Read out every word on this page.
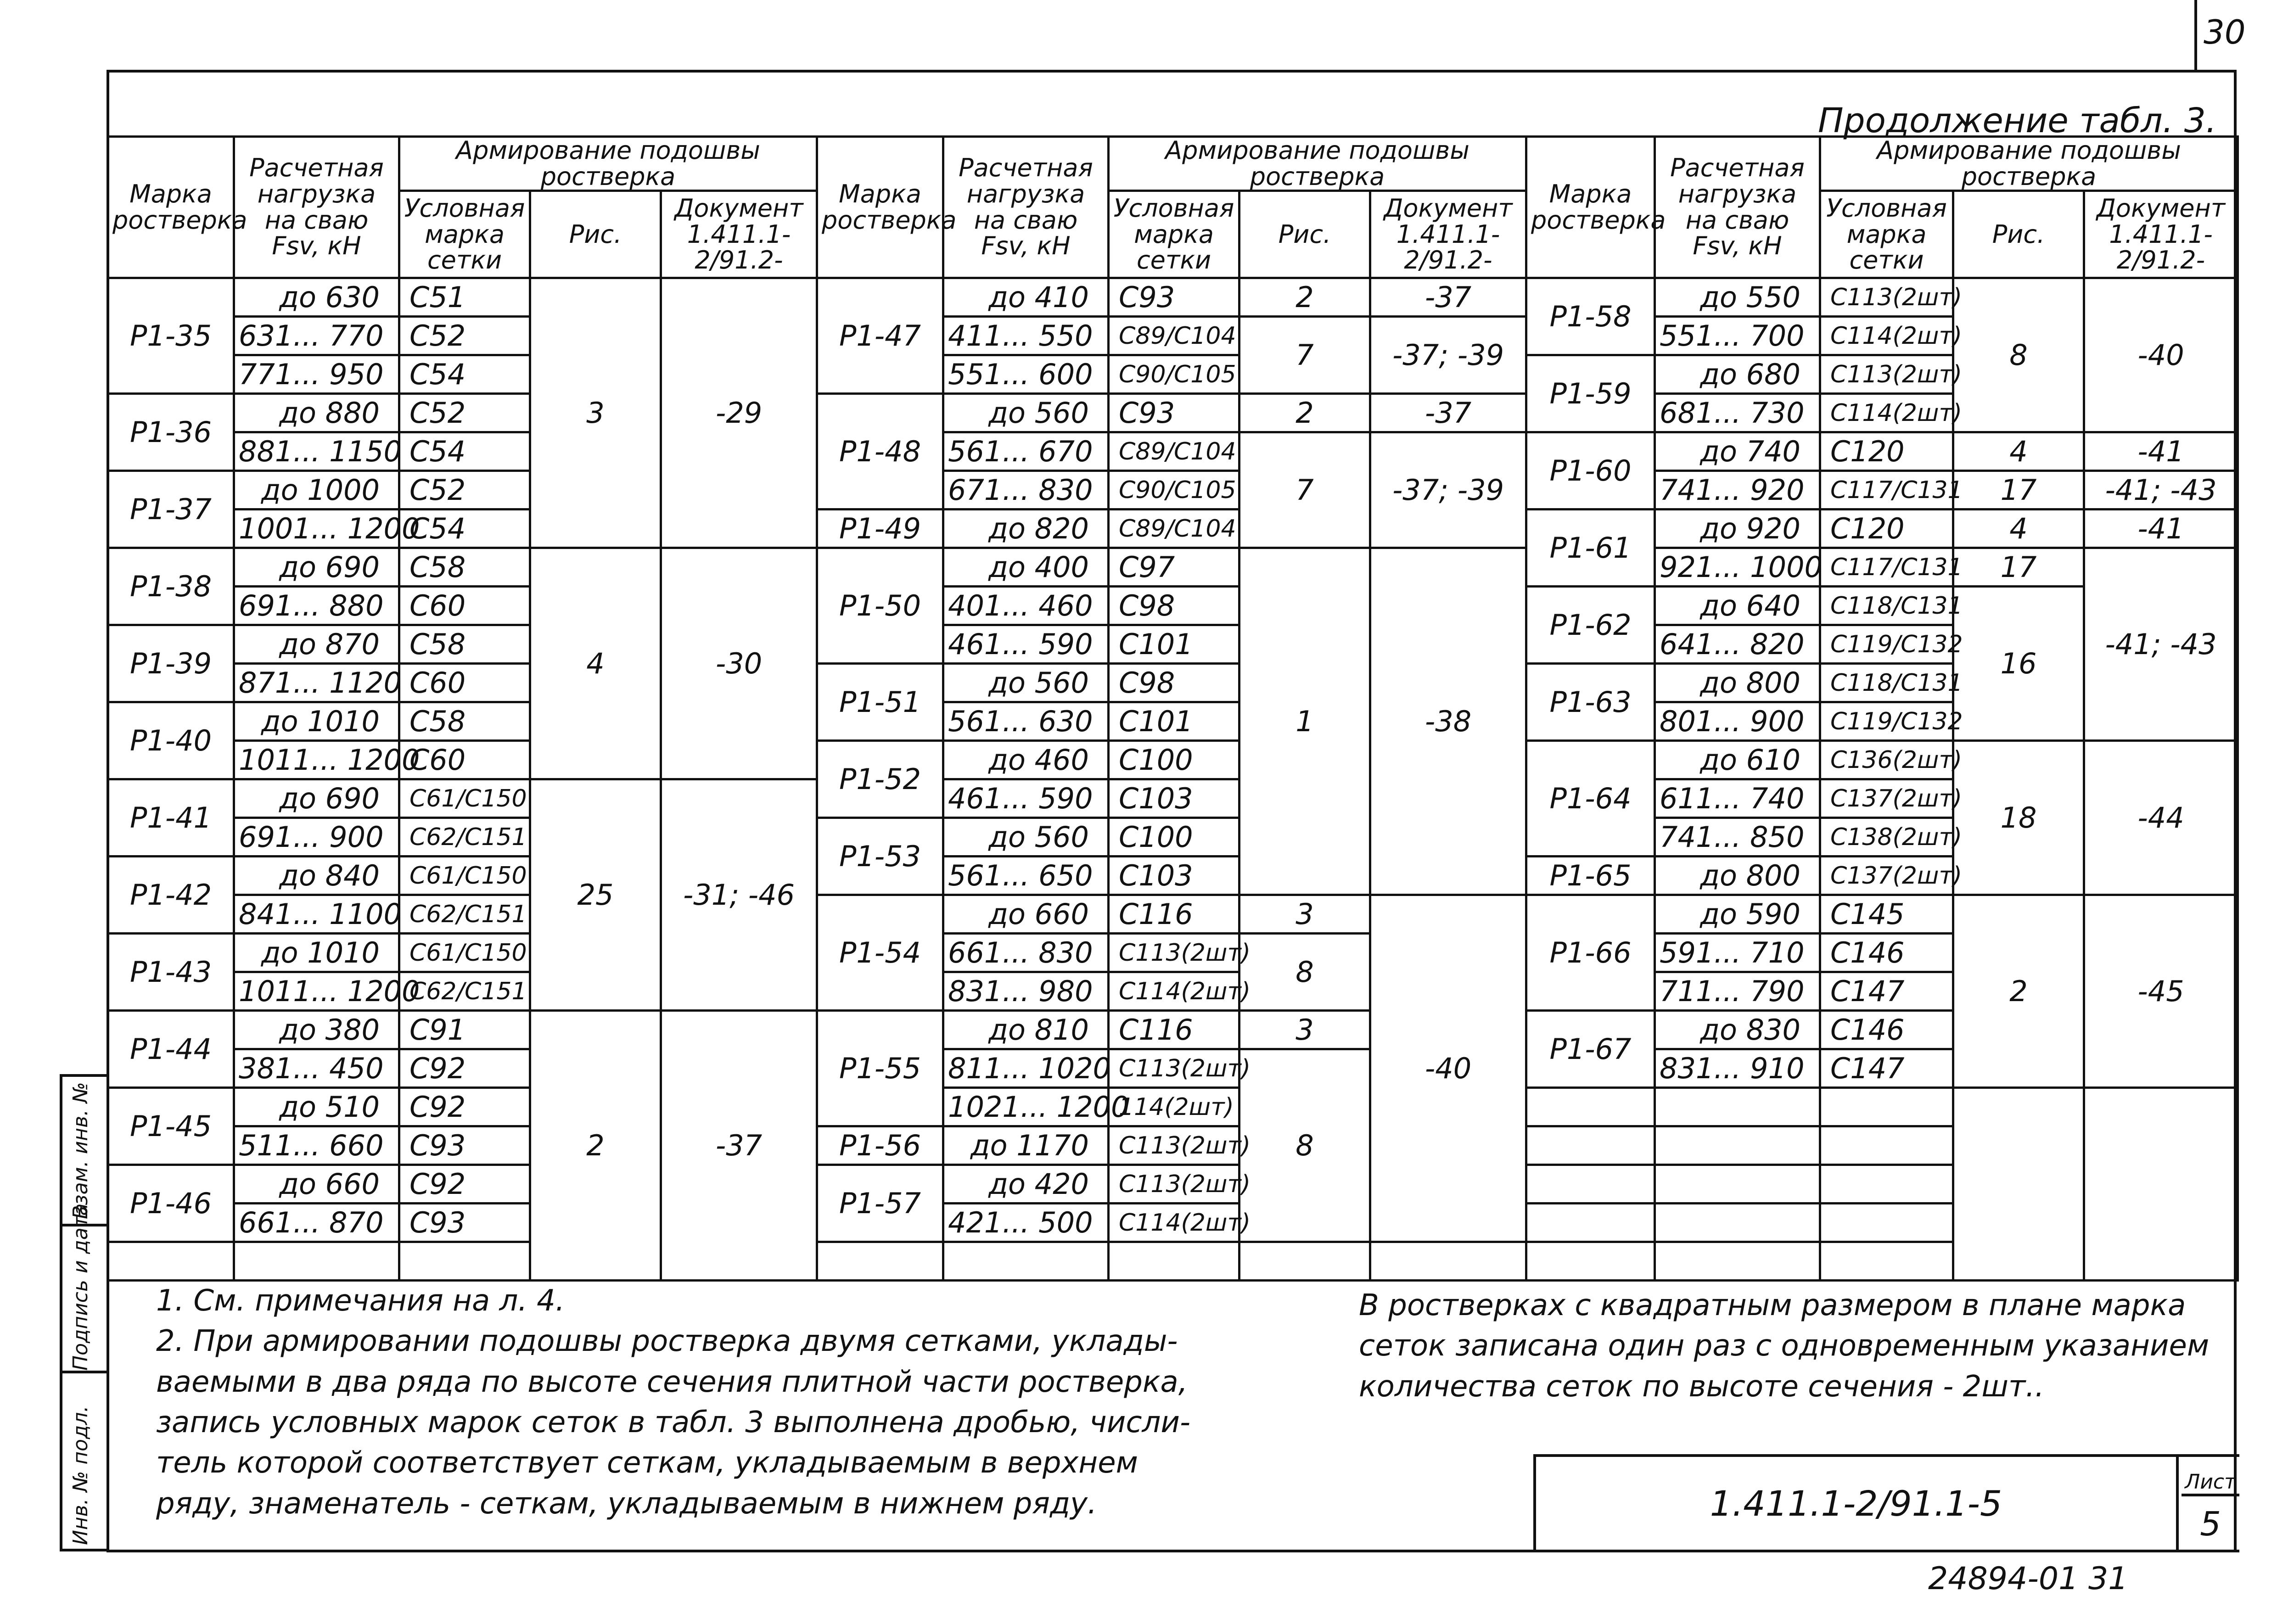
30
Инв. № подл.
Подпись и дата
Взам. инв. №
Продолжение табл. 3.
Марка ростверка	Расчетная нагрузка на сваю Fsv, кН	Армирование подошвы ростверка		
		Условная марка сетки	Рис.	Документ 1.411.1-2/91.2-
Р1-35	до 630	С51	3	-29
	631... 770	С52		
	771... 950	С54		
Р1-36	до 880	С52		
	881... 1150	С54		
Р1-37	до 1000	С52		
	1001... 1200	С54		
Р1-38	до 690	С58	4	-30
	691... 880	С60		
Р1-39	до 870	С58		
	871... 1120	С60		
Р1-40	до 1010	С58		
	1011... 1200	С60		
Р1-41	до 690	С61/С150	25	-31; -46
	691... 900	С62/С151		
Р1-42	до 840	С61/С150		
	841... 1100	С62/С151		
Р1-43	до 1010	С61/С150		
	1011... 1200	С62/С151		
Р1-44	до 380	С91	2	-37
	381... 450	С92		
Р1-45	до 510	С92		
	511... 660	С93		
Р1-46	до 660	С92		
	661... 870	С93		

Марка ростверка	Расчетная нагрузка на сваю Fsv, кН	Армирование подошвы ростверка		
		Условная марка сетки	Рис.	Документ 1.411.1-2/91.2-
Р1-47	до 410	С93	2	-37
	411... 550	С89/С104	7	-37; -39
	551... 600	С90/С105		
Р1-48	до 560	С93	2	-37
	561... 670	С89/С104	7	-37; -39
	671... 830	С90/С105		
Р1-49	до 820	С89/С104		
Р1-50	до 400	С97	1	-38
	401... 460	С98		
	461... 590	С101		
Р1-51	до 560	С98		
	561... 630	С101		
Р1-52	до 460	С100		
	461... 590	С103		
Р1-53	до 560	С100		
	561... 650	С103		
Р1-54	до 660	С116	3	-40
	661... 830	С113(2шт)	8	
	831... 980	С114(2шт)		
Р1-55	до 810	С116	3	
	811... 1020	С113(2шт)	8	
	1021... 1200	114(2шт)		
Р1-56	до 1170	С113(2шт)		
Р1-57	до 420	С113(2шт)		
	421... 500	С114(2шт)		

Марка ростверка	Расчетная нагрузка на сваю Fsv, кН	Армирование подошвы ростверка		
		Условная марка сетки	Рис.	Документ 1.411.1-2/91.2-
Р1-58	до 550	С113(2шт)	8	-40
	551... 700	С114(2шт)		
Р1-59	до 680	С113(2шт)		
	681... 730	С114(2шт)		
Р1-60	до 740	С120	4	-41
	741... 920	С117/С131	17	-41; -43
Р1-61	до 920	С120	4	-41
	921... 1000	С117/С131	17	-41; -43
Р1-62	до 640	С118/С131	16	
	641... 820	С119/С132		
Р1-63	до 800	С118/С131		
	801... 900	С119/С132		
Р1-64	до 610	С136(2шт)	18	-44
	611... 740	С137(2шт)		
	741... 850	С138(2шт)		
Р1-65	до 800	С137(2шт)		
Р1-66	до 590	С145	2	-45
	591... 710	С146		
	711... 790	С147		
Р1-67	до 830	С146		
	831... 910	С147		

1. См. примечания на л. 4.
2. При армировании подошвы ростверка двумя сетками, уклады-
ваемыми в два ряда по высоте сечения плитной части ростверка,
запись условных марок сеток в табл. 3 выполнена дробью, числи-
тель которой соответствует сеткам, укладываемым в верхнем
ряду, знаменатель - сеткам, укладываемым в нижнем ряду.
В ростверках с квадратным размером в плане марка
сеток записана один раз с одновременным указанием
количества сеток по высоте сечения - 2шт..
1.411.1-2/91.1-5
Лист
5
24894-01 31
